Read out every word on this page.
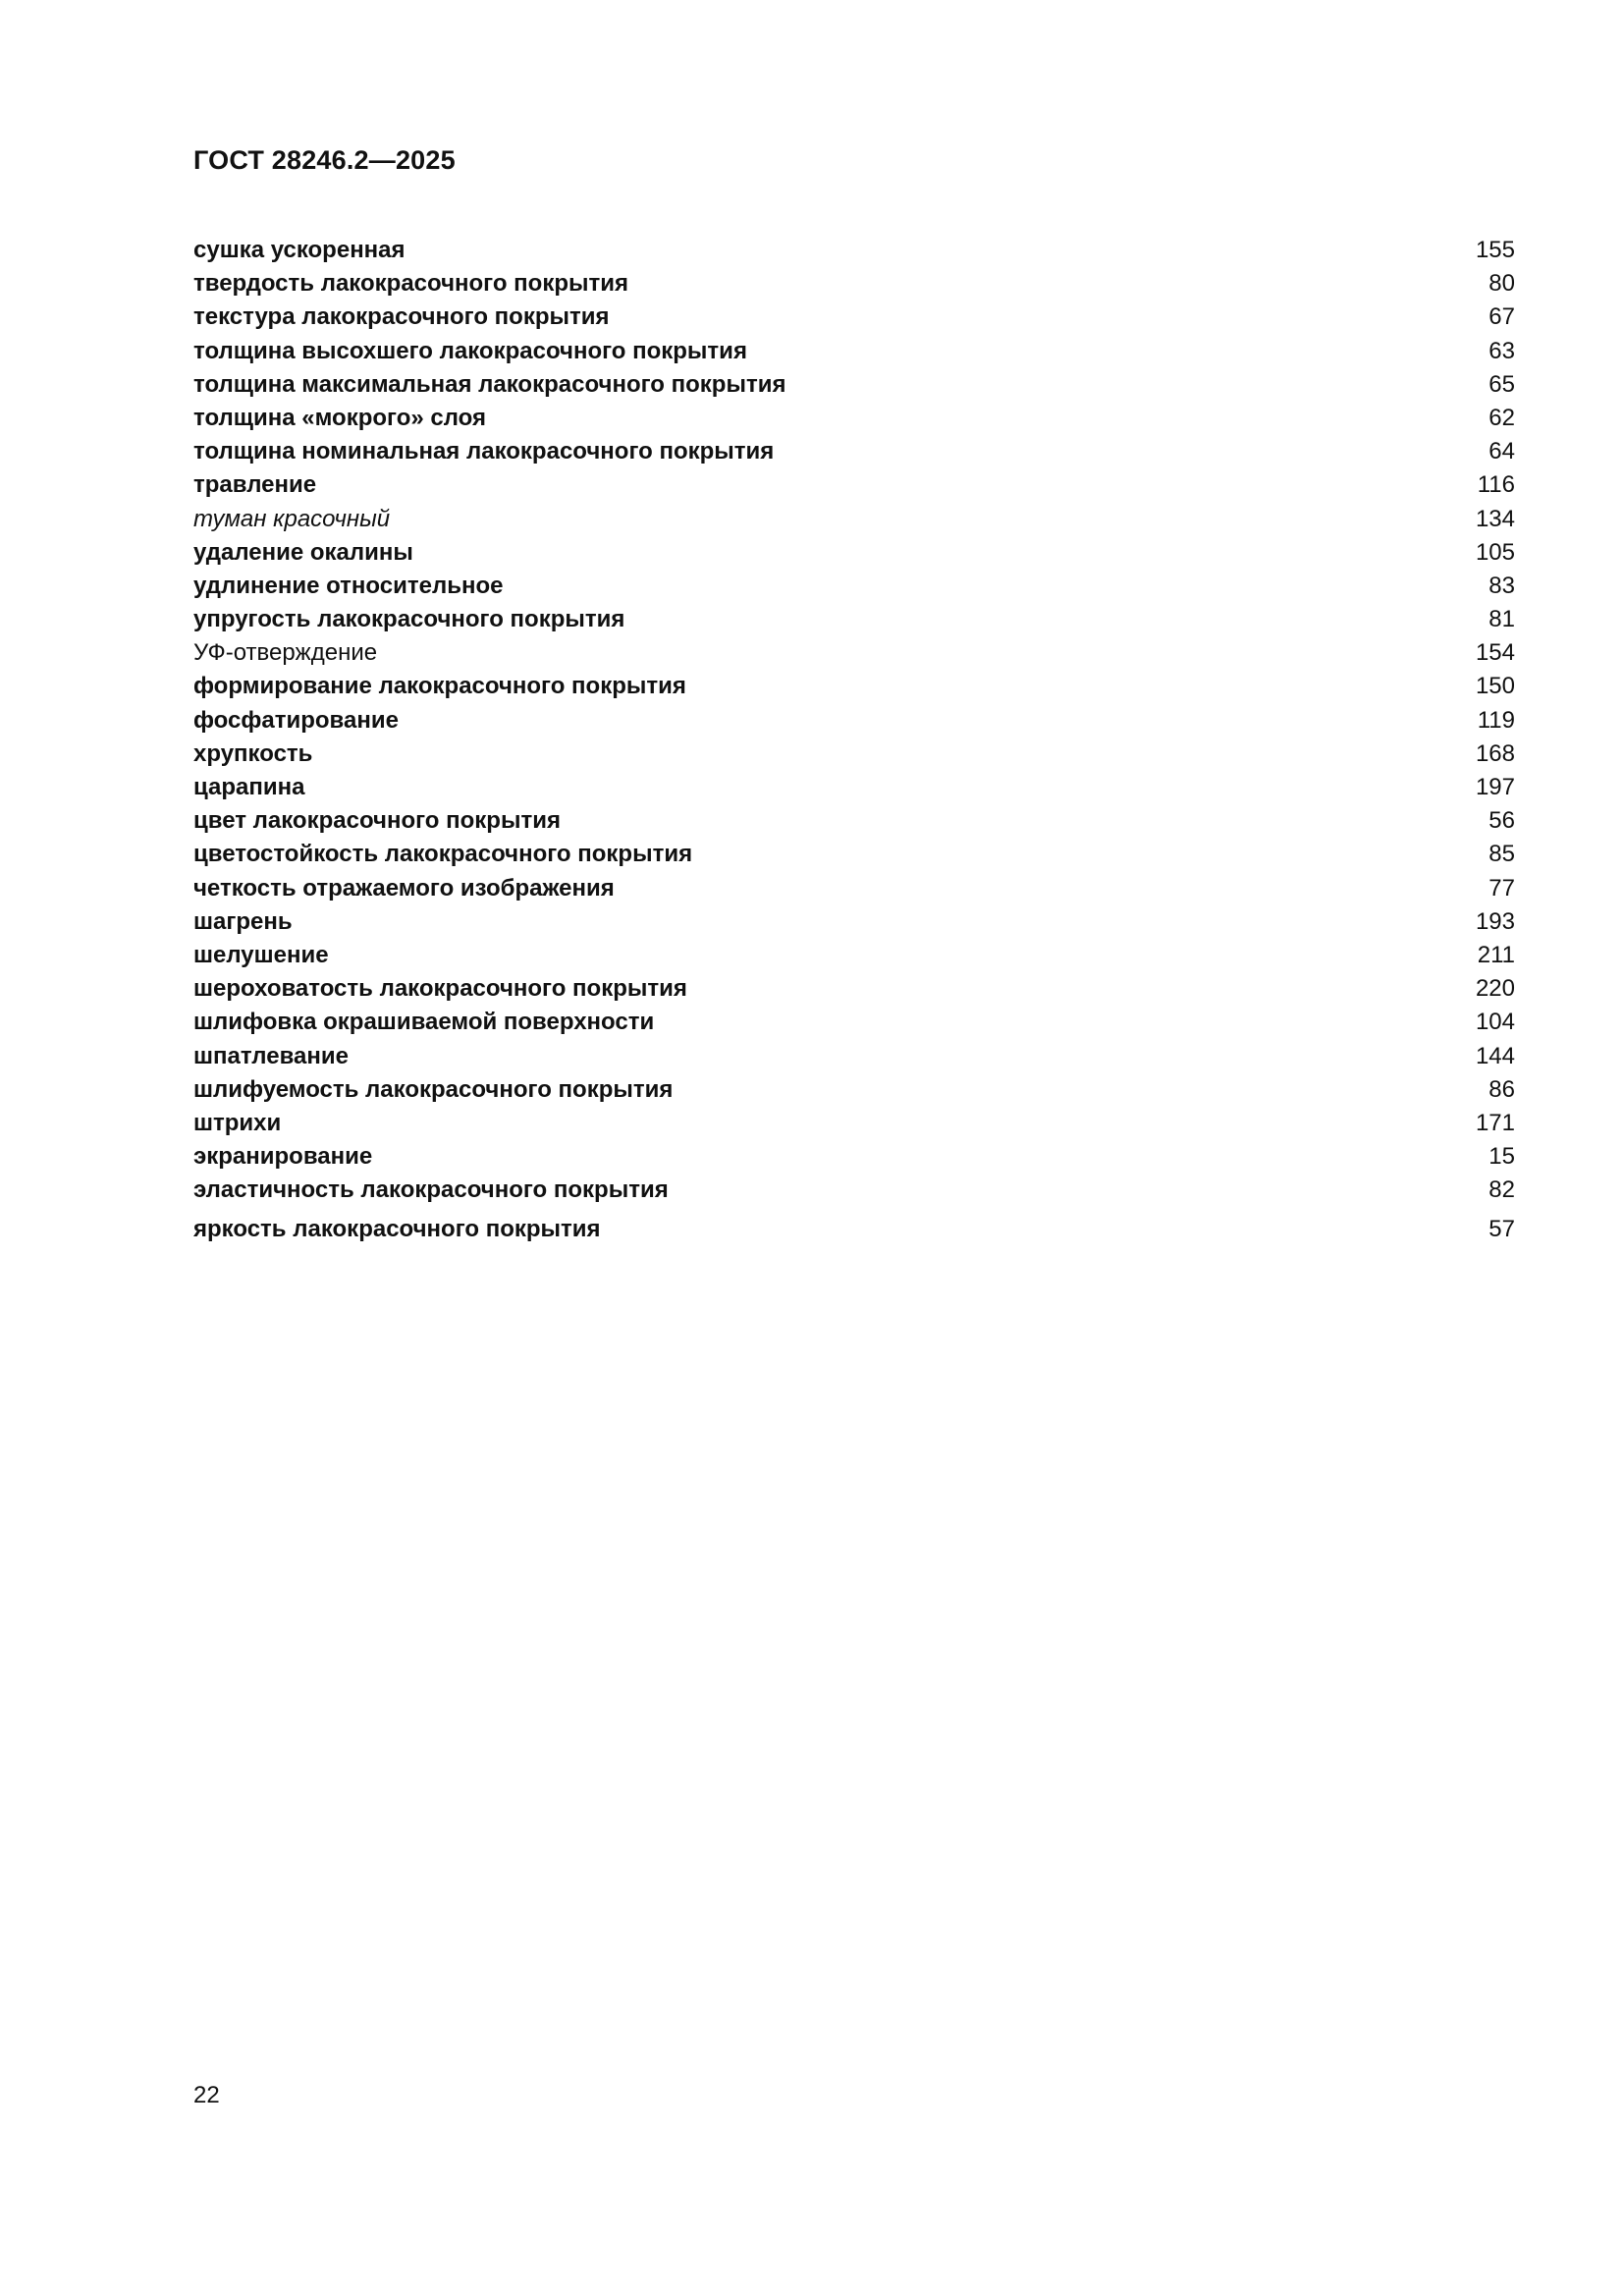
ГОСТ 28246.2—2025
сушка ускоренная	155
твердость лакокрасочного покрытия	80
текстура лакокрасочного покрытия	67
толщина высохшего лакокрасочного покрытия	63
толщина максимальная лакокрасочного покрытия	65
толщина «мокрого» слоя	62
толщина номинальная лакокрасочного покрытия	64
травление	116
туман красочный	134
удаление окалины	105
удлинение относительное	83
упругость лакокрасочного покрытия	81
УФ-отверждение	154
формирование лакокрасочного покрытия	150
фосфатирование	119
хрупкость	168
царапина	197
цвет лакокрасочного покрытия	56
цветостойкость лакокрасочного покрытия	85
четкость отражаемого изображения	77
шагрень	193
шелушение	211
шероховатость лакокрасочного покрытия	220
шлифовка окрашиваемой поверхности	104
шпатлевание	144
шлифуемость лакокрасочного покрытия	86
штрихи	171
экранирование	15
эластичность лакокрасочного покрытия	82
яркость лакокрасочного покрытия	57
22
